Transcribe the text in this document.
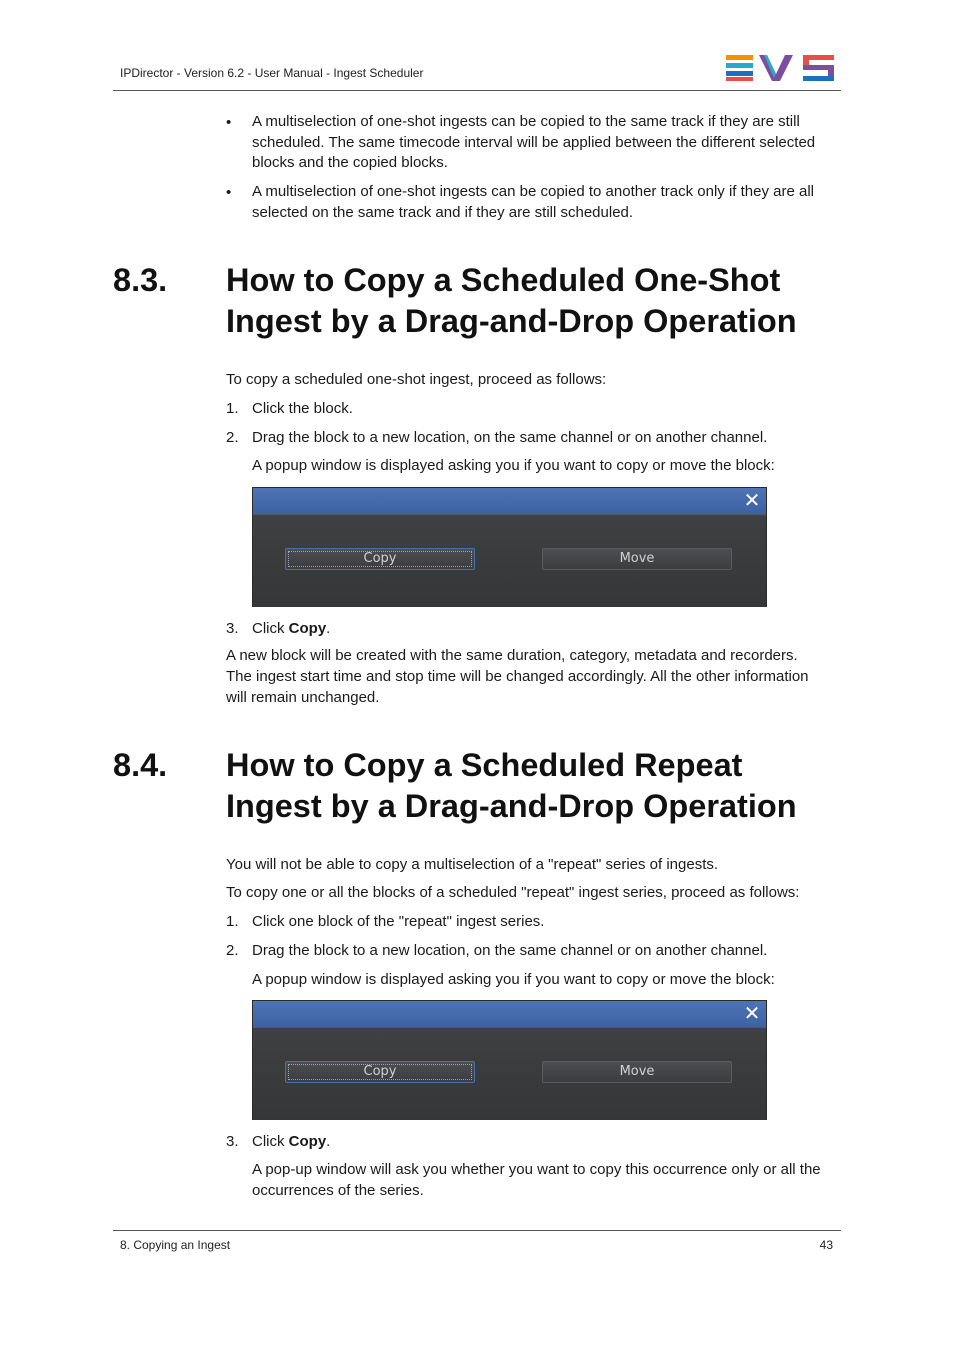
IPDirector - Version 6.2 - User Manual - Ingest Scheduler
• A multiselection of one-shot ingests can be copied to the same track if they are still scheduled. The same timecode interval will be applied between the different selected blocks and the copied blocks.
• A multiselection of one-shot ingests can be copied to another track only if they are all selected on the same track and if they are still scheduled.
8.3. How to Copy a Scheduled One-Shot
Ingest by a Drag-and-Drop Operation
To copy a scheduled one-shot ingest, proceed as follows:
1. Click the block.
2. Drag the block to a new location, on the same channel or on another channel.
A popup window is displayed asking you if you want to copy or move the block:
✕
Copy	Move
3. Click Copy.
A new block will be created with the same duration, category, metadata and recorders.
The ingest start time and stop time will be changed accordingly. All the other information
will remain unchanged.
8.4. How to Copy a Scheduled Repeat
Ingest by a Drag-and-Drop Operation
You will not be able to copy a multiselection of a "repeat" series of ingests.
To copy one or all the blocks of a scheduled "repeat" ingest series, proceed as follows:
1. Click one block of the "repeat" ingest series.
2. Drag the block to a new location, on the same channel or on another channel.
A popup window is displayed asking you if you want to copy or move the block:
✕
Copy	Move
3. Click Copy.
A pop-up window will ask you whether you want to copy this occurrence only or all the
occurrences of the series.
8. Copying an Ingest	43
